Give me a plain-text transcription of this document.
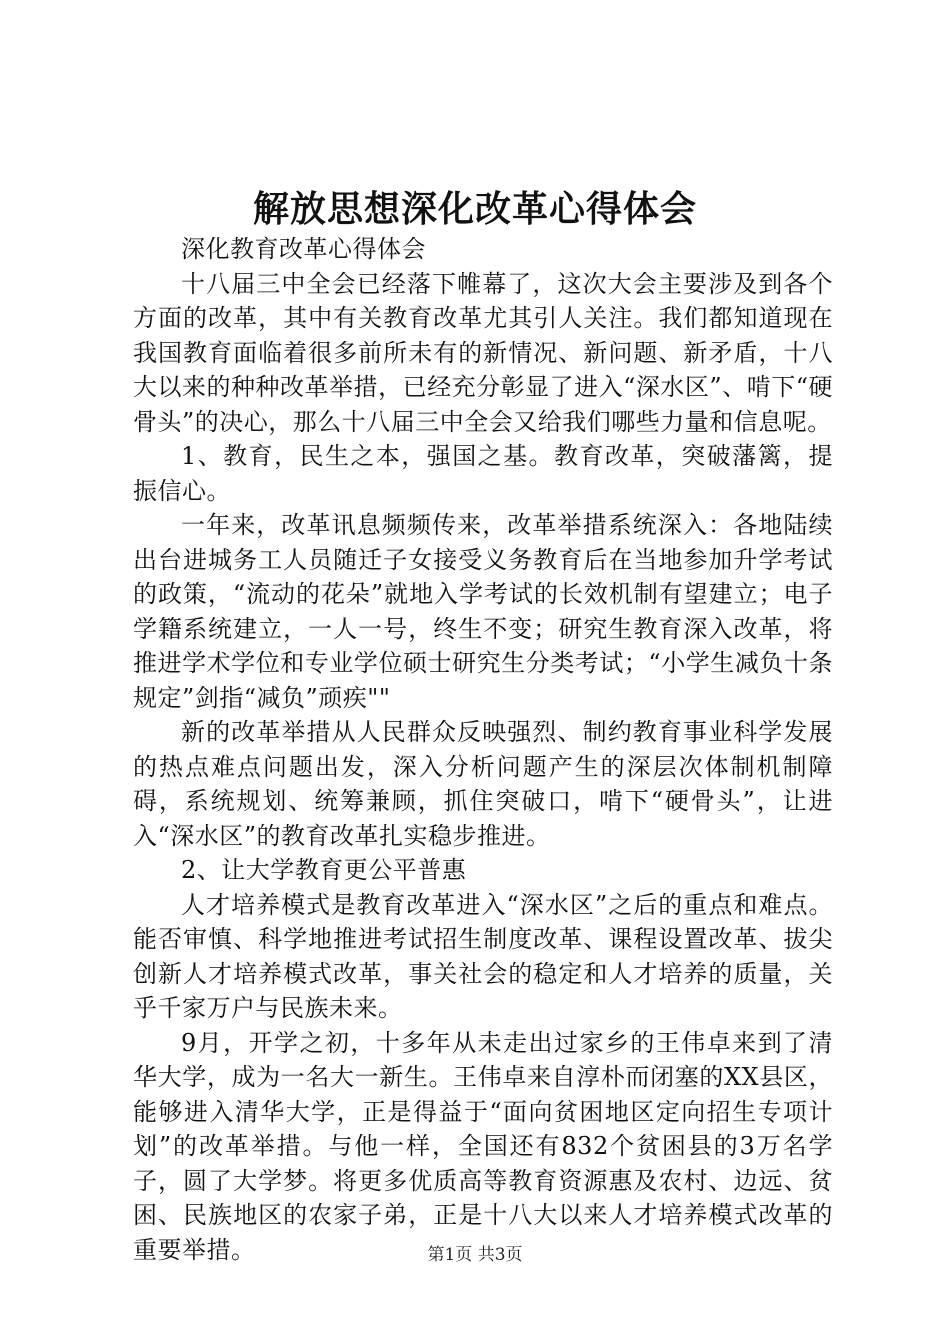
解放思想深化改革心得体会

深化教育改革心得体会

十八届三中全会已经落下帷幕了，这次大会主要涉及到各个方面的改革，其中有关教育改革尤其引人关注。我们都知道现在我国教育面临着很多前所未有的新情况、新问题、新矛盾，十八大以来的种种改革举措，已经充分彰显了进入“深水区”、啃下“硬骨头”的决心，那么十八届三中全会又给我们哪些力量和信息呢。

1、教育，民生之本，强国之基。教育改革，突破藩篱，提振信心。

一年来，改革讯息频频传来，改革举措系统深入：各地陆续出台进城务工人员随迁子女接受义务教育后在当地参加升学考试的政策，“流动的花朵”就地入学考试的长效机制有望建立；电子学籍系统建立，一人一号，终生不变；研究生教育深入改革，将推进学术学位和专业学位硕士研究生分类考试；“小学生减负十条规定”剑指“减负”顽疾""

新的改革举措从人民群众反映强烈、制约教育事业科学发展的热点难点问题出发，深入分析问题产生的深层次体制机制障碍，系统规划、统筹兼顾，抓住突破口，啃下“硬骨头”，让进入“深水区”的教育改革扎实稳步推进。

2、让大学教育更公平普惠

人才培养模式是教育改革进入“深水区”之后的重点和难点。能否审慎、科学地推进考试招生制度改革、课程设置改革、拔尖创新人才培养模式改革，事关社会的稳定和人才培养的质量，关乎千家万户与民族未来。

9月，开学之初，十多年从未走出过家乡的王伟卓来到了清华大学，成为一名大一新生。王伟卓来自淳朴而闭塞的XX县区，能够进入清华大学，正是得益于“面向贫困地区定向招生专项计划”的改革举措。与他一样，全国还有832个贫困县的3万名学子，圆了大学梦。将更多优质高等教育资源惠及农村、边远、贫困、民族地区的农家子弟，正是十八大以来人才培养模式改革的重要举措。	第1页 共3页
